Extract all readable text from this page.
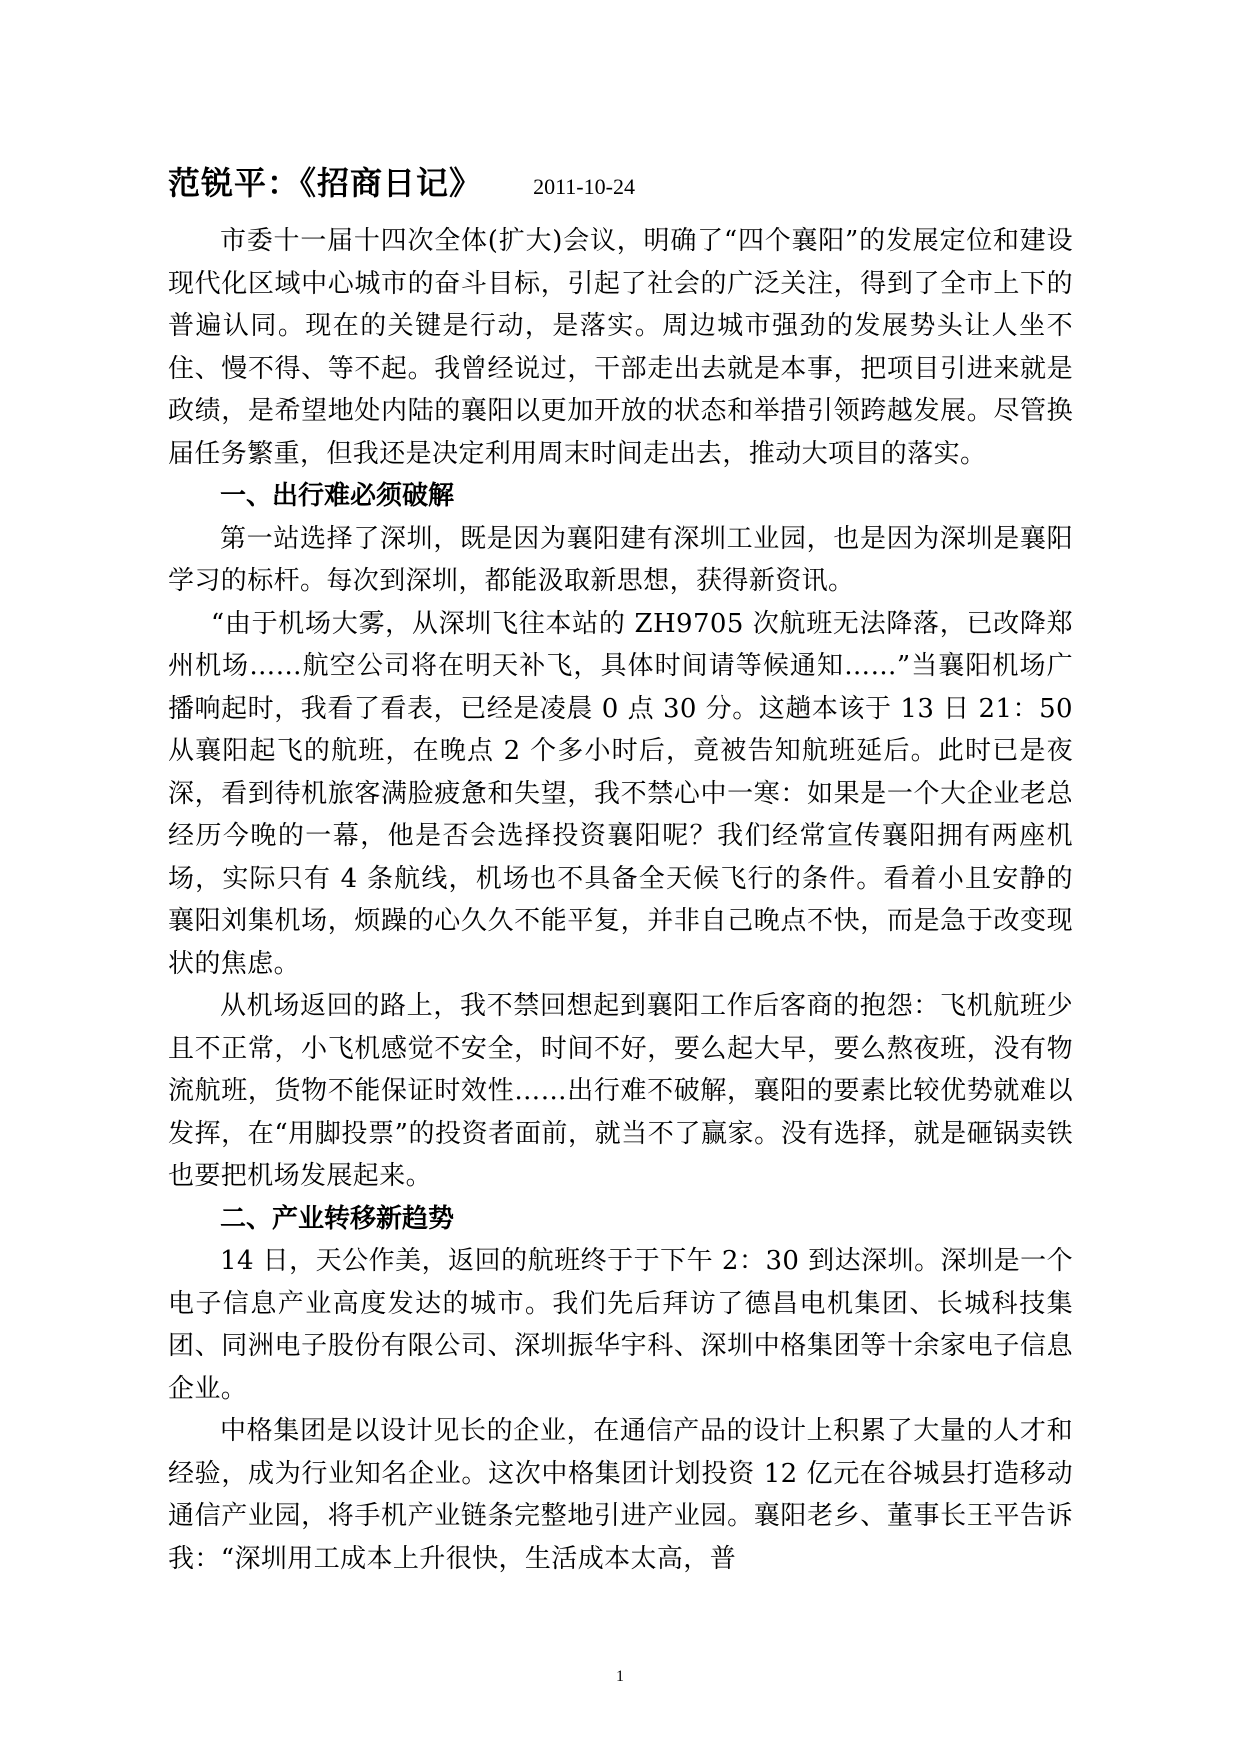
范锐平：《招商日记》 2011-10-24

市委十一届十四次全体(扩大)会议，明确了“四个襄阳”的发展定位和建设现代化区域中心城市的奋斗目标，引起了社会的广泛关注，得到了全市上下的普遍认同。现在的关键是行动，是落实。周边城市强劲的发展势头让人坐不住、慢不得、等不起。我曾经说过，干部走出去就是本事，把项目引进来就是政绩，是希望地处内陆的襄阳以更加开放的状态和举措引领跨越发展。尽管换届任务繁重，但我还是决定利用周末时间走出去，推动大项目的落实。

一、出行难必须破解

第一站选择了深圳，既是因为襄阳建有深圳工业园，也是因为深圳是襄阳学习的标杆。每次到深圳，都能汲取新思想，获得新资讯。

“由于机场大雾，从深圳飞往本站的 ZH9705 次航班无法降落，已改降郑州机场……航空公司将在明天补飞，具体时间请等候通知……”当襄阳机场广播响起时，我看了看表，已经是凌晨 0 点 30 分。这趟本该于 13 日 21：50 从襄阳起飞的航班，在晚点 2 个多小时后，竟被告知航班延后。此时已是夜深，看到待机旅客满脸疲惫和失望，我不禁心中一寒：如果是一个大企业老总经历今晚的一幕，他是否会选择投资襄阳呢？我们经常宣传襄阳拥有两座机场，实际只有 4 条航线，机场也不具备全天候飞行的条件。看着小且安静的襄阳刘集机场，烦躁的心久久不能平复，并非自己晚点不快，而是急于改变现状的焦虑。

从机场返回的路上，我不禁回想起到襄阳工作后客商的抱怨：飞机航班少且不正常，小飞机感觉不安全，时间不好，要么起大早，要么熬夜班，没有物流航班，货物不能保证时效性……出行难不破解，襄阳的要素比较优势就难以发挥，在“用脚投票”的投资者面前，就当不了赢家。没有选择，就是砸锅卖铁也要把机场发展起来。

二、产业转移新趋势

14 日，天公作美，返回的航班终于于下午 2：30 到达深圳。深圳是一个电子信息产业高度发达的城市。我们先后拜访了德昌电机集团、长城科技集团、同洲电子股份有限公司、深圳振华宇科、深圳中格集团等十余家电子信息企业。

中格集团是以设计见长的企业，在通信产品的设计上积累了大量的人才和经验，成为行业知名企业。这次中格集团计划投资 12 亿元在谷城县打造移动通信产业园，将手机产业链条完整地引进产业园。襄阳老乡、董事长王平告诉我：“深圳用工成本上升很快，生活成本太高，普

1
